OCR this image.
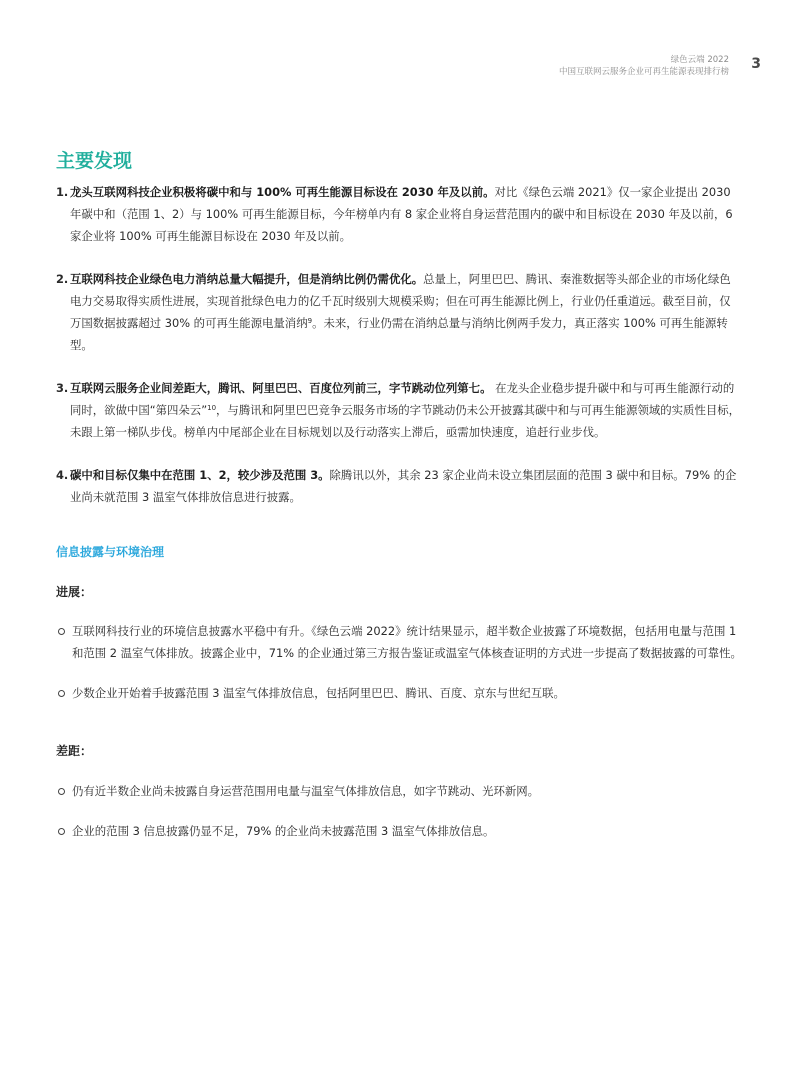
绿色云端 2022
中国互联网云服务企业可再生能源表现排行榜 3
主要发现
1. 龙头互联网科技企业积极将碳中和与 100% 可再生能源目标设在 2030 年及以前。对比《绿色云端 2021》仅一家企业提出 2030 年碳中和（范围 1、2）与 100% 可再生能源目标，今年榜单内有 8 家企业将自身运营范围内的碳中和目标设在 2030 年及以前，6 家企业将 100% 可再生能源目标设在 2030 年及以前。
2. 互联网科技企业绿色电力消纳总量大幅提升，但是消纳比例仍需优化。总量上，阿里巴巴、腾讯、秦淮数据等头部企业的市场化绿色电力交易取得实质性进展，实现首批绿色电力的亿千瓦时级别大规模采购；但在可再生能源比例上，行业仍任重道远。截至目前，仅万国数据披露超过 30% 的可再生能源电量消纳$^9$。未来，行业仍需在消纳总量与消纳比例两手发力，真正落实 100% 可再生能源转型。
3. 互联网云服务企业间差距大，腾讯、阿里巴巴、百度位列前三，字节跳动位列第七。 在龙头企业稳步提升碳中和与可再生能源行动的同时，欲做中国“第四朵云”$^{10}$，与腾讯和阿里巴巴竞争云服务市场的字节跳动仍未公开披露其碳中和与可再生能源领域的实质性目标，未跟上第一梯队步伐。榜单内中尾部企业在目标规划以及行动落实上滞后，亟需加快速度，追赶行业步伐。
4. 碳中和目标仅集中在范围 1、2，较少涉及范围 3。除腾讯以外，其余 23 家企业尚未设立集团层面的范围 3 碳中和目标。79% 的企业尚未就范围 3 温室气体排放信息进行披露。
信息披露与环境治理
进展：
互联网科技行业的环境信息披露水平稳中有升。《绿色云端 2022》统计结果显示，超半数企业披露了环境数据，包括用电量与范围 1 和范围 2 温室气体排放。披露企业中，71% 的企业通过第三方报告鉴证或温室气体核查证明的方式进一步提高了数据披露的可靠性。
少数企业开始着手披露范围 3 温室气体排放信息，包括阿里巴巴、腾讯、百度、京东与世纪互联。
差距：
仍有近半数企业尚未披露自身运营范围用电量与温室气体排放信息，如字节跳动、光环新网。
企业的范围 3 信息披露仍显不足，79% 的企业尚未披露范围 3 温室气体排放信息。
